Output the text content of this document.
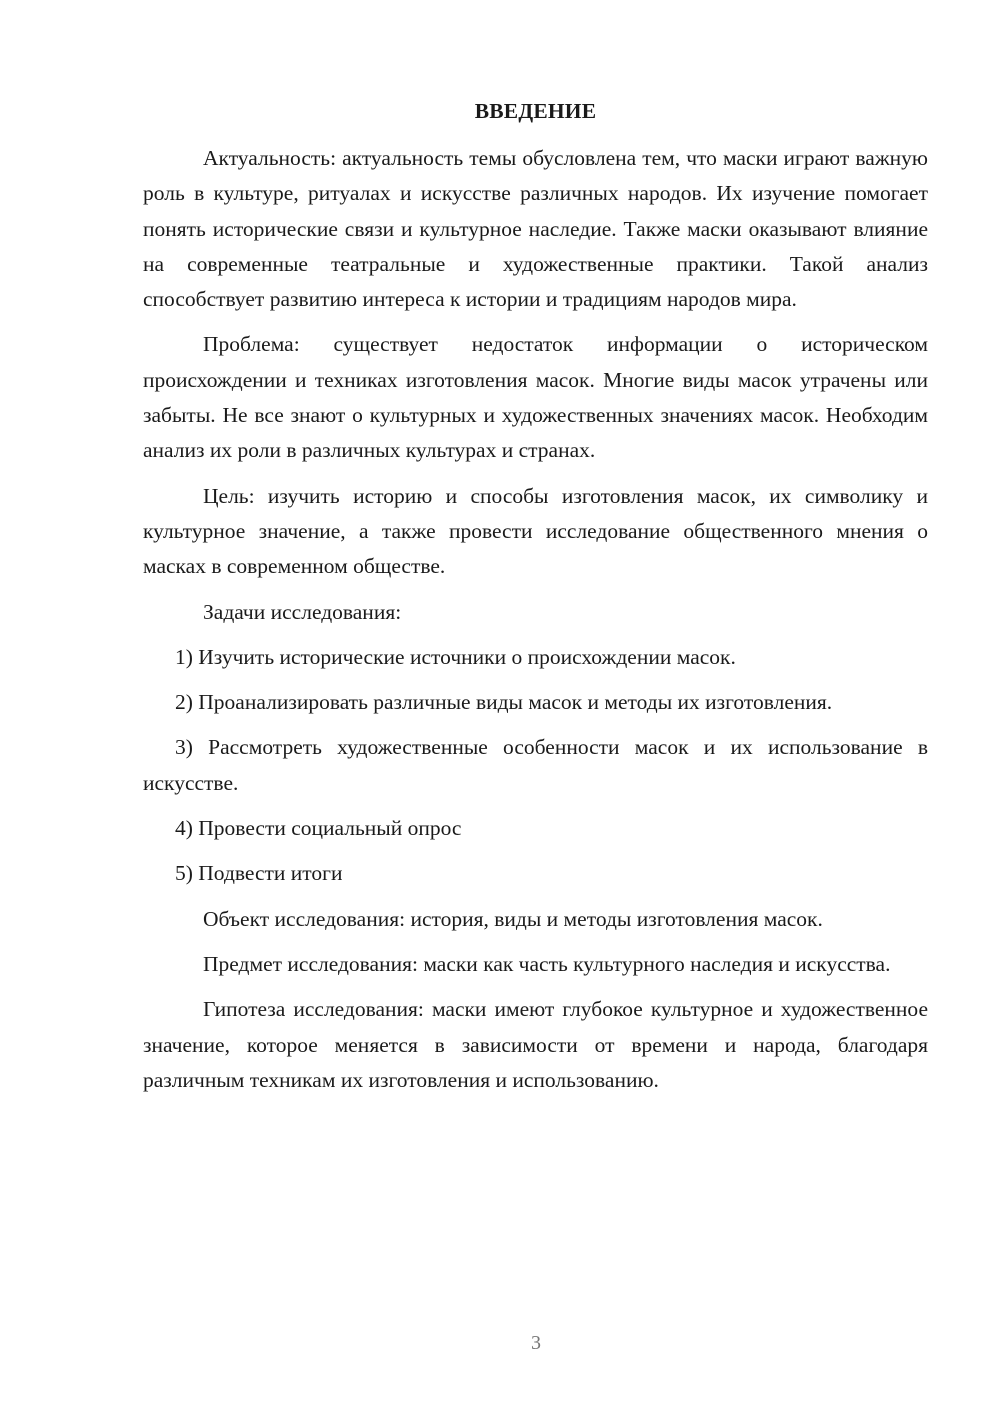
ВВЕДЕНИЕ

Актуальность: актуальность темы обусловлена тем, что маски играют важную роль в культуре, ритуалах и искусстве различных народов. Их изучение помогает понять исторические связи и культурное наследие. Также маски оказывают влияние на современные театральные и художественные практики. Такой анализ способствует развитию интереса к истории и традициям народов мира.

Проблема: существует недостаток информации о историческом происхождении и техниках изготовления масок. Многие виды масок утрачены или забыты. Не все знают о культурных и художественных значениях масок. Необходим анализ их роли в различных культурах и странах.

Цель: изучить историю и способы изготовления масок, их символику и культурное значение, а также провести исследование общественного мнения о масках в современном обществе.

Задачи исследования:

1) Изучить исторические источники о происхождении масок.

2) Проанализировать различные виды масок и методы их изготовления.

3) Рассмотреть художественные особенности масок и их использование в искусстве.

4) Провести социальный опрос

5) Подвести итоги

Объект исследования: история, виды и методы изготовления масок.

Предмет исследования: маски как часть культурного наследия и искусства.

Гипотеза исследования: маски имеют глубокое культурное и художественное значение, которое меняется в зависимости от времени и народа, благодаря различным техникам их изготовления и использованию.

3
